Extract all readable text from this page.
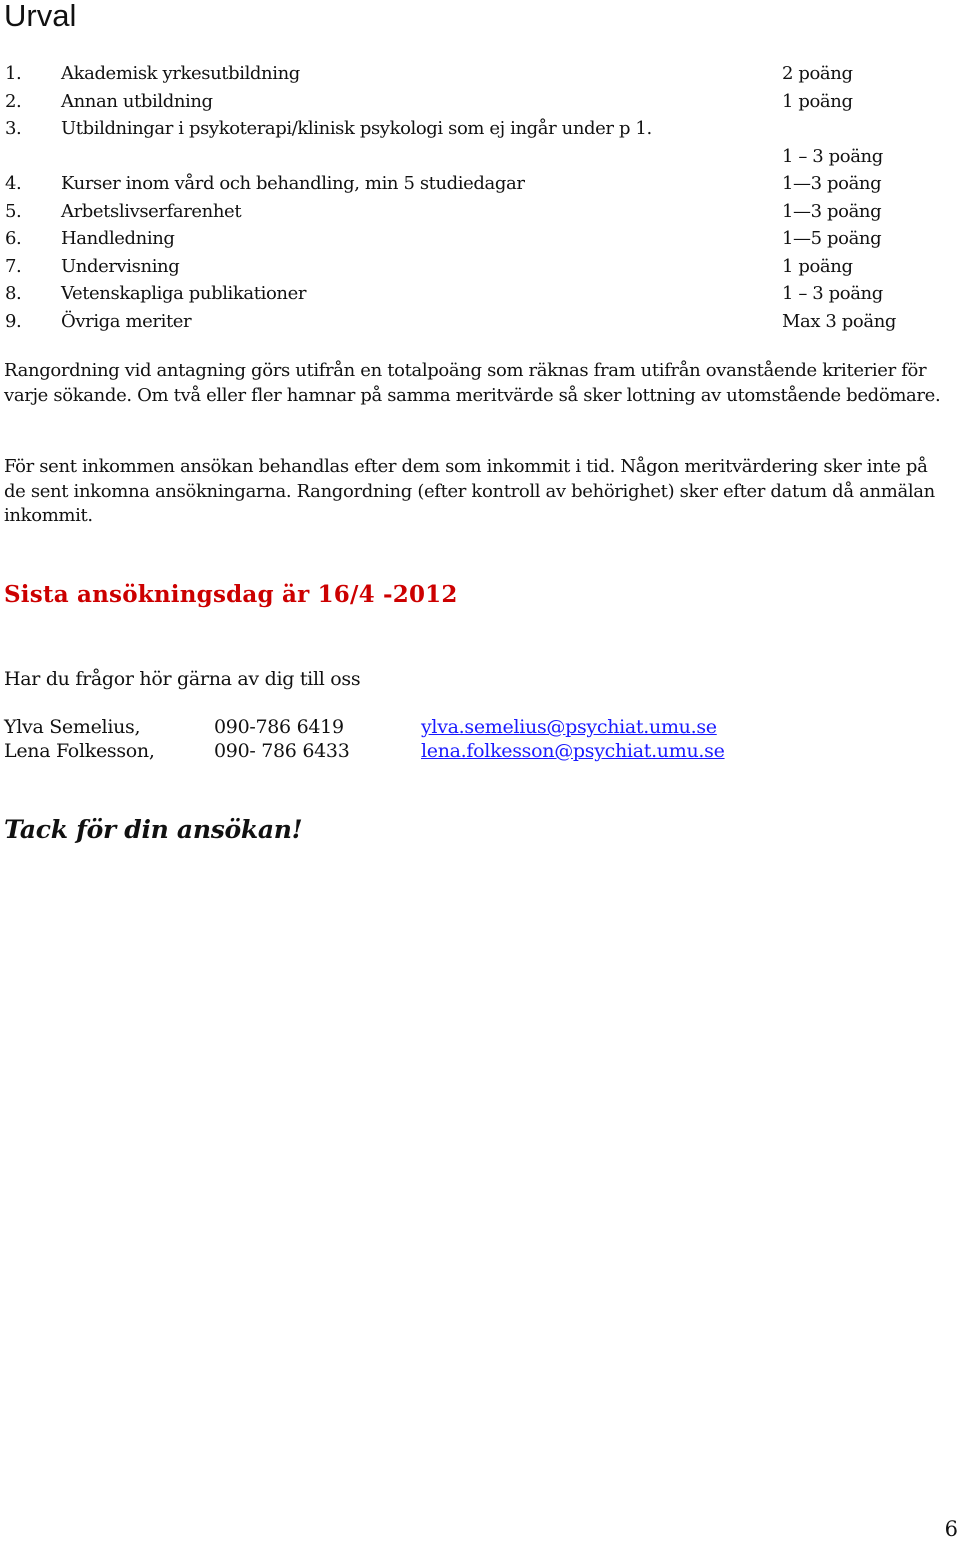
Urval
1. Akademisk yrkesutbildning	2 poäng
2. Annan utbildning	1 poäng
3. Utbildningar i psykoterapi/klinisk psykologi som ej ingår under p 1.
1 – 3 poäng
4. Kurser inom vård och behandling, min 5 studiedagar	1—3 poäng
5. Arbetslivserfarenhet	1—3 poäng
6. Handledning	1—5 poäng
7. Undervisning	1 poäng
8. Vetenskapliga publikationer	1 – 3 poäng
9. Övriga meriter	Max 3 poäng

Rangordning vid antagning görs utifrån en totalpoäng som räknas fram utifrån ovanstående kriterier för varje sökande. Om två eller fler hamnar på samma meritvärde så sker lottning av utomstående bedömare.

För sent inkommen ansökan behandlas efter dem som inkommit i tid. Någon meritvärdering sker inte på de sent inkomna ansökningarna. Rangordning (efter kontroll av behörighet) sker efter datum då anmälan inkommit.

Sista ansökningsdag är 16/4 -2012

Har du frågor hör gärna av dig till oss

Ylva Semelius,	090-786 6419	ylva.semelius@psychiat.umu.se
Lena Folkesson,	090- 786 6433	lena.folkesson@psychiat.umu.se

Tack för din ansökan!

6
